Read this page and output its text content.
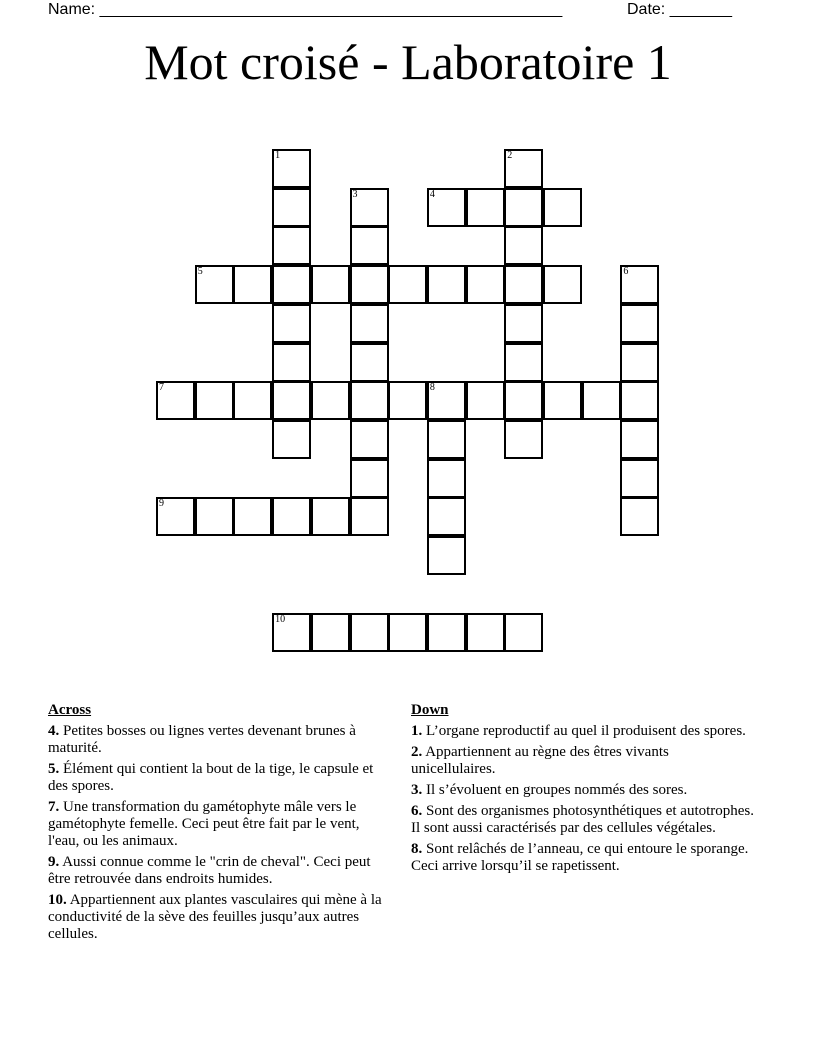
Name: ____________________________________________________	Date: _______
Mot croisé - Laboratoire 1
1	2
3	4
5	6
7	8
9
10
Across
4. Petites bosses ou lignes vertes devenant brunes à maturité.
5. Élément qui contient la bout de la tige, le capsule et des spores.
7. Une transformation du gamétophyte mâle vers le gamétophyte femelle. Ceci peut être fait par le vent, l'eau, ou les animaux.
9. Aussi connue comme le "crin de cheval". Ceci peut être retrouvée dans endroits humides.
10. Appartiennent aux plantes vasculaires qui mène à la conductivité de la sève des feuilles jusqu’aux autres cellules.
Down
1. L’organe reproductif au quel il produisent des spores.
2. Appartiennent au règne des êtres vivants unicellulaires.
3. Il s’évoluent en groupes nommés des sores.
6. Sont des organismes photosynthétiques et autotrophes. Il sont aussi caractérisés par des cellules végétales.
8. Sont relâchés de l’anneau, ce qui entoure le sporange. Ceci arrive lorsqu’il se rapetissent.
